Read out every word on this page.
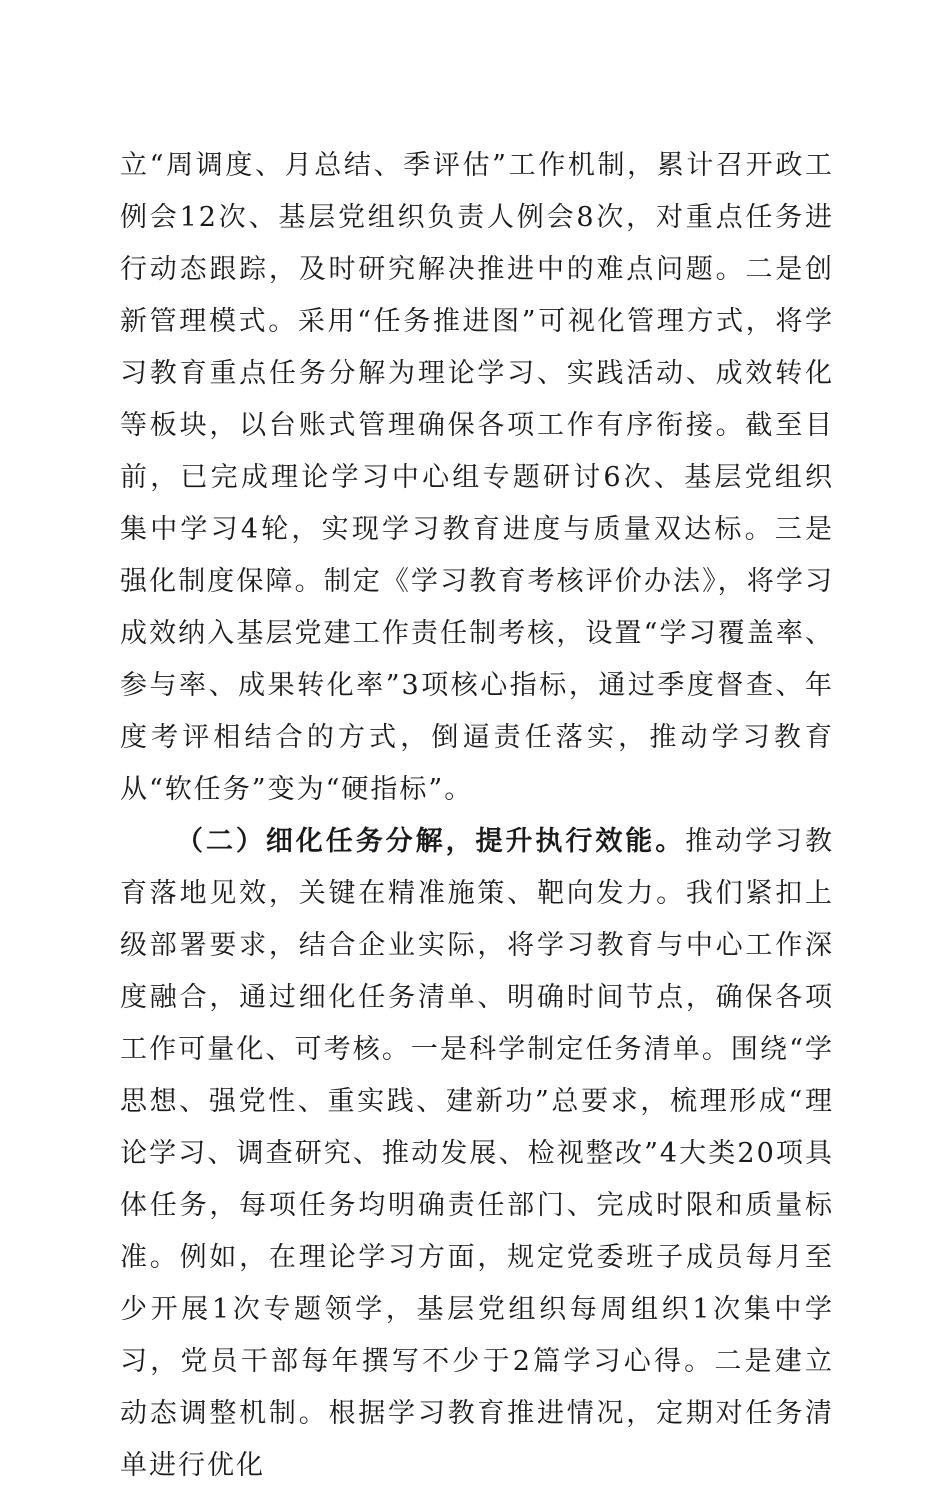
立“周调度、月总结、季评估”工作机制，累计召开政工例会12次、基层党组织负责人例会8次，对重点任务进行动态跟踪，及时研究解决推进中的难点问题。二是创新管理模式。采用“任务推进图”可视化管理方式，将学习教育重点任务分解为理论学习、实践活动、成效转化等板块，以台账式管理确保各项工作有序衔接。截至目前，已完成理论学习中心组专题研讨6次、基层党组织集中学习4轮，实现学习教育进度与质量双达标。三是强化制度保障。制定《学习教育考核评价办法》，将学习成效纳入基层党建工作责任制考核，设置“学习覆盖率、参与率、成果转化率”3项核心指标，通过季度督查、年度考评相结合的方式，倒逼责任落实，推动学习教育从“软任务”变为“硬指标”。

（二）细化任务分解，提升执行效能。推动学习教育落地见效，关键在精准施策、靶向发力。我们紧扣上级部署要求，结合企业实际，将学习教育与中心工作深度融合，通过细化任务清单、明确时间节点，确保各项工作可量化、可考核。一是科学制定任务清单。围绕“学思想、强党性、重实践、建新功”总要求，梳理形成“理论学习、调查研究、推动发展、检视整改”4大类20项具体任务，每项任务均明确责任部门、完成时限和质量标准。例如，在理论学习方面，规定党委班子成员每月至少开展1次专题领学，基层党组织每周组织1次集中学习，党员干部每年撰写不少于2篇学习心得。二是建立动态调整机制。根据学习教育推进情况，定期对任务清单进行优化
